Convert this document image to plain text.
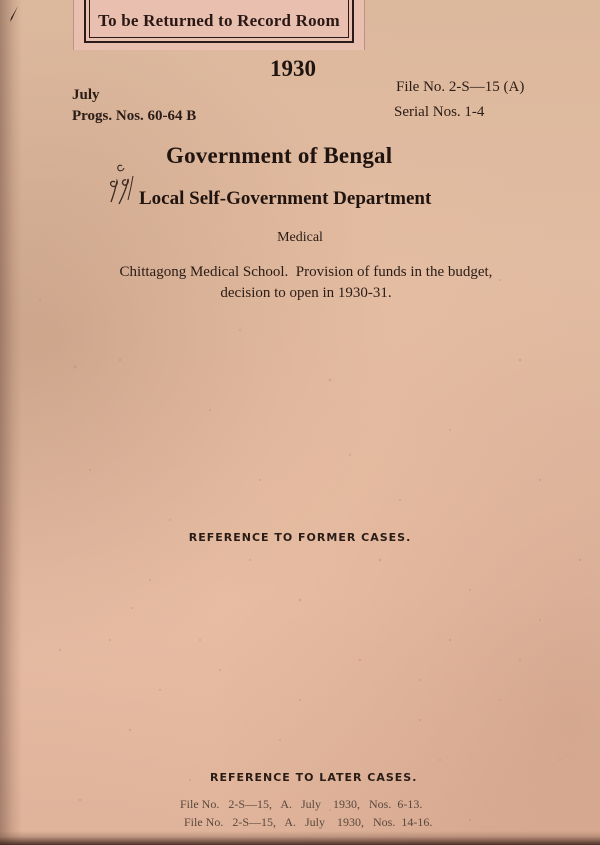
To be Returned to Record Room
1930
July
Progs. Nos. 60-64 B
File No. 2-S—15 (A)
Serial Nos. 1-4
Government of Bengal
Local Self-Government Department
Medical
Chittagong Medical School.  Provision of funds in the budget,
decision to open in 1930-31.
REFERENCE TO FORMER CASES.
REFERENCE TO LATER CASES.
File No.   2-S—15,   A.   July    1930,   Nos.  6-13.
File No.   2-S—15,   A.   July    1930,   Nos.  14-16.
